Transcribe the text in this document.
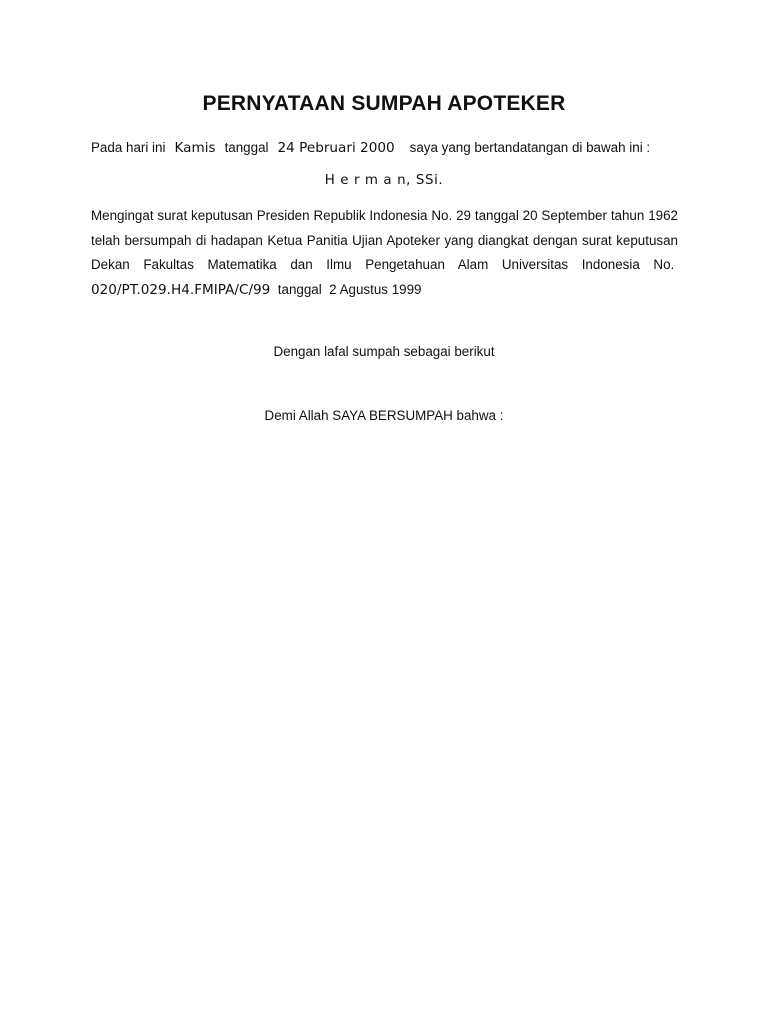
PERNYATAAN SUMPAH APOTEKER
Pada hari ini Kamis tanggal 24 Pebruari 2000 saya yang bertandatangan di bawah ini :
H e r m a n, SSi.
Mengingat surat keputusan Presiden Republik Indonesia No. 29 tanggal 20 September tahun 1962 telah bersumpah di hadapan Ketua Panitia Ujian Apoteker yang diangkat dengan surat keputusan Dekan Fakultas Matematika dan Ilmu Pengetahuan Alam Universitas Indonesia No.  020/PT.029.H4.FMIPA/C/99 tanggal 2 Agustus 1999
Dengan lafal sumpah sebagai berikut
Demi Allah SAYA BERSUMPAH bahwa :
